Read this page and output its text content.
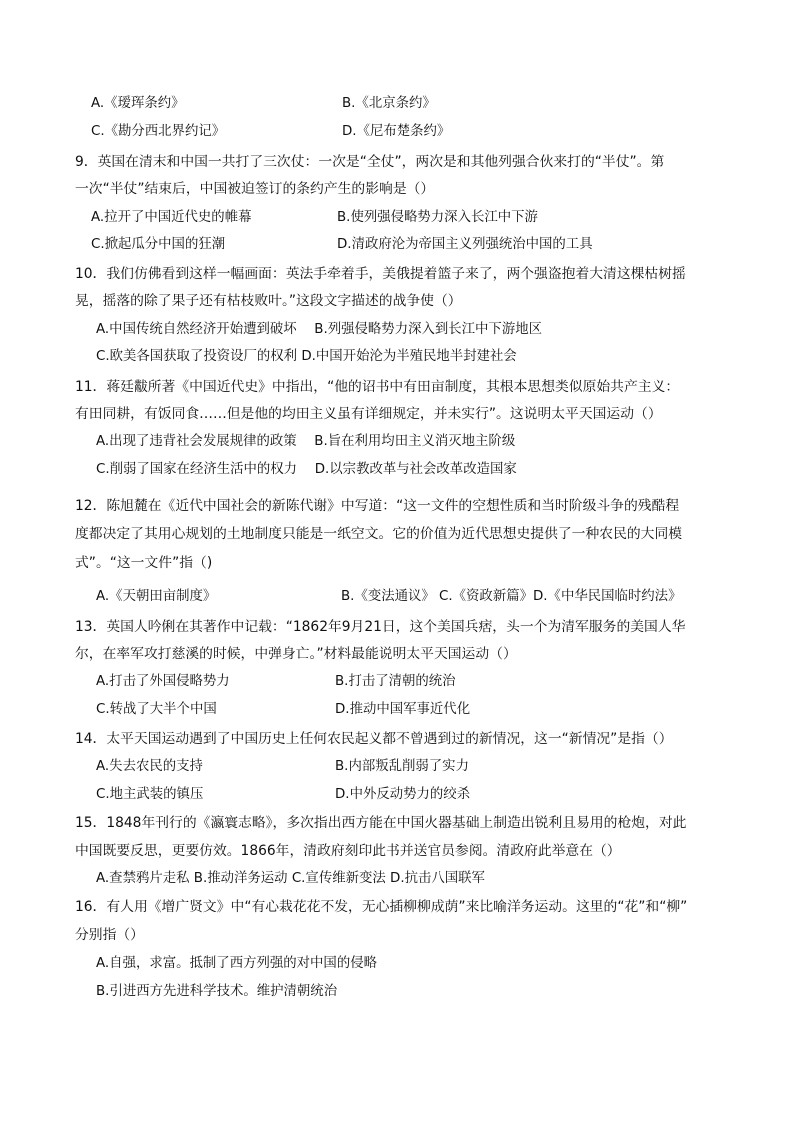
A.《瑷珲条约》	B.《北京条约》
C.《勘分西北界约记》	D.《尼布楚条约》
9．英国在清末和中国一共打了三次仗：一次是“全仗”，两次是和其他列强合伙来打的“半仗”。第
一次“半仗”结束后，中国被迫签订的条约产生的影响是（）
A.拉开了中国近代史的帷幕	B.使列强侵略势力深入长江中下游
C.掀起瓜分中国的狂潮	D.清政府沦为帝国主义列强统治中国的工具
10．我们仿佛看到这样一幅画面：英法手牵着手，美俄提着篮子来了，两个强盗抱着大清这棵枯树摇
晃，摇落的除了果子还有枯枝败叶。”这段文字描述的战争使（）
A.中国传统自然经济开始遭到破坏 　B.列强侵略势力深入到长江中下游地区
C.欧美各国获取了投资设厂的权利 D.中国开始沦为半殖民地半封建社会
11．蒋廷黻所著《中国近代史》中指出，“他的诏书中有田亩制度，其根本思想类似原始共产主义：
有田同耕，有饭同食……但是他的均田主义虽有详细规定，并未实行”。这说明太平天国运动（）
A.出现了违背社会发展规律的政策 　B.旨在利用均田主义消灭地主阶级
C.削弱了国家在经济生活中的权力 　D.以宗教改革与社会改革改造国家
12．陈旭麓在《近代中国社会的新陈代谢》中写道：“这一文件的空想性质和当时阶级斗争的残酷程
度都决定了其用心规划的土地制度只能是一纸空文。它的价值为近代思想史提供了一种农民的大同模
式”。“这一文件”指（)
A.《天朝田亩制度》	B.《变法通议》 C.《资政新篇》D.《中华民国临时约法》
13．英国人吟俐在其著作中记载：“1862年9月21日，这个美国兵痞，头一个为清军服务的美国人华
尔，在率军攻打慈溪的时候，中弹身亡。”材料最能说明太平天国运动（）
A.打击了外国侵略势力	B.打击了清朝的统治
C.转战了大半个中国	D.推动中国军事近代化
14．太平天国运动遇到了中国历史上任何农民起义都不曾遇到过的新情况，这一“新情况”是指（）
A.失去农民的支持	B.内部叛乱削弱了实力
C.地主武装的镇压	D.中外反动势力的绞杀
15．1848年刊行的《瀛寰志略》，多次指出西方能在中国火器基础上制造出锐利且易用的枪炮，对此
中国既要反思，更要仿效。1866年，清政府刻印此书并送官员参阅。清政府此举意在（）
A.查禁鸦片走私 B.推动洋务运动 C.宣传维新变法 D.抗击八国联军
16．有人用《增广贤文》中“有心栽花花不发，无心插柳柳成荫”来比喻洋务运动。这里的“花”和“柳”
分别指（）
A.自强，求富。抵制了西方列强的对中国的侵略
B.引进西方先进科学技术。维护清朝统治
